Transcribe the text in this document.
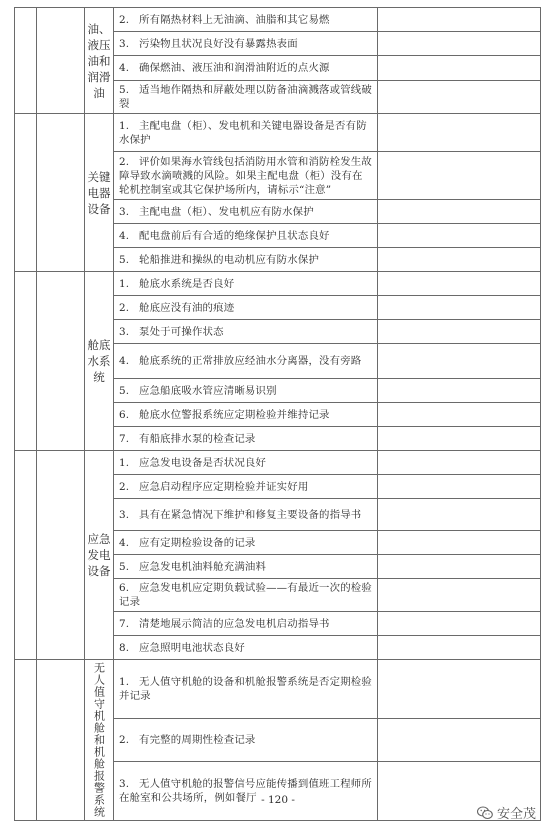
		油、液压油和润滑油	2. 所有隔热材料上无油滴、油脂和其它易燃	
			3. 污染物且状况良好没有暴露热表面	
			4. 确保燃油、液压油和润滑油附近的点火源	
			5. 适当地作隔热和屏蔽处理以防备油滴溅落或管线破裂	

		关键电器设备	1. 主配电盘（柜）、发电机和关键电器设备是否有防水保护	
			2. 评价如果海水管线包括消防用水管和消防栓发生故障导致水滴喷溅的风险。如果主配电盘（柜）没有在轮机控制室或其它保护场所内，请标示“注意”	
			3. 主配电盘（柜）、发电机应有防水保护	
			4. 配电盘前后有合适的绝缘保护且状态良好	
			5. 轮船推进和操纵的电动机应有防水保护	

		舱底水系统	1. 舱底水系统是否良好	
			2. 舱底应没有油的痕迹	
			3. 泵处于可操作状态	
			4. 舱底系统的正常排放应经油水分离器，没有旁路	
			5. 应急船底吸水管应清晰易识别	
			6. 舱底水位警报系统应定期检验并维持记录	
			7. 有船底排水泵的检查记录	

		应急发电设备	1. 应急发电设备是否状况良好	
			2. 应急启动程序应定期检验并证实好用	
			3. 具有在紧急情况下维护和修复主要设备的指导书	
			4. 应有定期检验设备的记录	
			5. 应急发电机油料舱充满油料	
			6. 应急发电机应定期负载试验——有最近一次的检验记录	
			7. 清楚地展示简洁的应急发电机启动指导书	
			8. 应急照明电池状态良好	

		无人值守机舱和机舱报警系统	1. 无人值守机舱的设备和机舱报警系统是否定期检验并记录	
			2. 有完整的周期性检查记录	
			3. 无人值守机舱的报警信号应能传播到值班工程师所在舱室和公共场所，例如餐厅	- 120 -
安全茂
